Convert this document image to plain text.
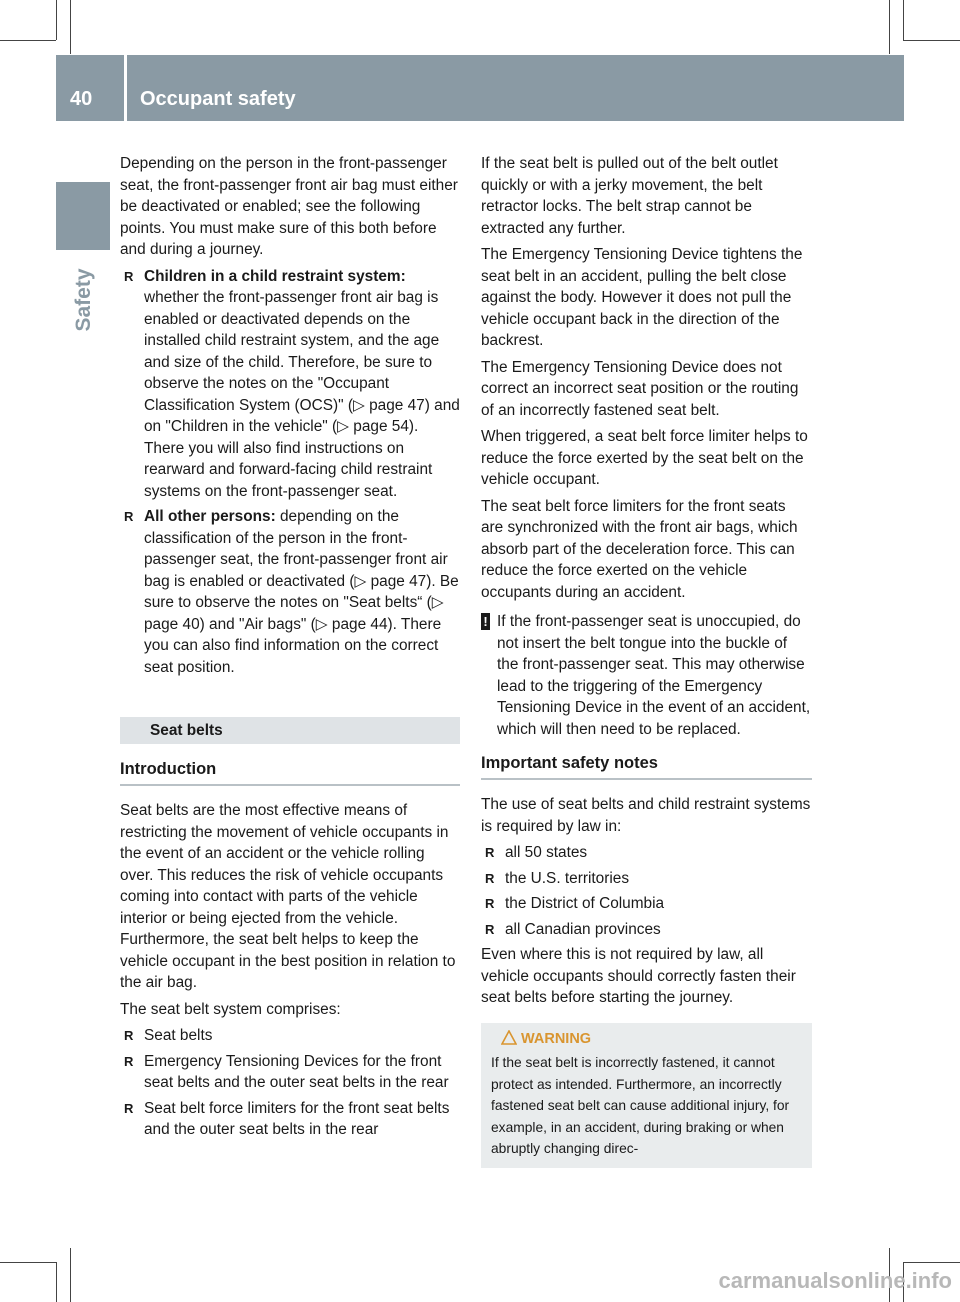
40 Occupant safety
Safety

Depending on the person in the front-passenger seat, the front-passenger front air bag must either be deactivated or enabled; see the following points. You must make sure of this both before and during a journey.

R Children in a child restraint system: whether the front-passenger front air bag is enabled or deactivated depends on the installed child restraint system, and the age and size of the child. Therefore, be sure to observe the notes on the "Occupant Classification System (OCS)" (▷ page 47) and on "Children in the vehicle" (▷ page 54). There you will also find instructions on rearward and forward-facing child restraint systems on the front-passenger seat.
R All other persons: depending on the classification of the person in the front-passenger seat, the front-passenger front air bag is enabled or deactivated (▷ page 47). Be sure to observe the notes on "Seat belts“ (▷ page 40) and "Air bags" (▷ page 44). There you can also find information on the correct seat position.
Seat belts
Introduction

Seat belts are the most effective means of restricting the movement of vehicle occupants in the event of an accident or the vehicle rolling over. This reduces the risk of vehicle occupants coming into contact with parts of the vehicle interior or being ejected from the vehicle. Furthermore, the seat belt helps to keep the vehicle occupant in the best position in relation to the air bag.

The seat belt system comprises:

R Seat belts
R Emergency Tensioning Devices for the front seat belts and the outer seat belts in the rear
R Seat belt force limiters for the front seat belts and the outer seat belts in the rear

If the seat belt is pulled out of the belt outlet quickly or with a jerky movement, the belt retractor locks. The belt strap cannot be extracted any further.

The Emergency Tensioning Device tightens the seat belt in an accident, pulling the belt close against the body. However it does not pull the vehicle occupant back in the direction of the backrest.

The Emergency Tensioning Device does not correct an incorrect seat position or the routing of an incorrectly fastened seat belt.

When triggered, a seat belt force limiter helps to reduce the force exerted by the seat belt on the vehicle occupant.

The seat belt force limiters for the front seats are synchronized with the front air bags, which absorb part of the deceleration force. This can reduce the force exerted on the vehicle occupants during an accident.

! If the front-passenger seat is unoccupied, do not insert the belt tongue into the buckle of the front-passenger seat. This may otherwise lead to the triggering of the Emergency Tensioning Device in the event of an accident, which will then need to be replaced.
Important safety notes

The use of seat belts and child restraint systems is required by law in:

R all 50 states
R the U.S. territories
R the District of Columbia
R all Canadian provinces

Even where this is not required by law, all vehicle occupants should correctly fasten their seat belts before starting the journey.

WARNING
If the seat belt is incorrectly fastened, it cannot protect as intended. Furthermore, an incorrectly fastened seat belt can cause additional injury, for example, in an accident, during braking or when abruptly changing direc-
carmanualsonline.info
